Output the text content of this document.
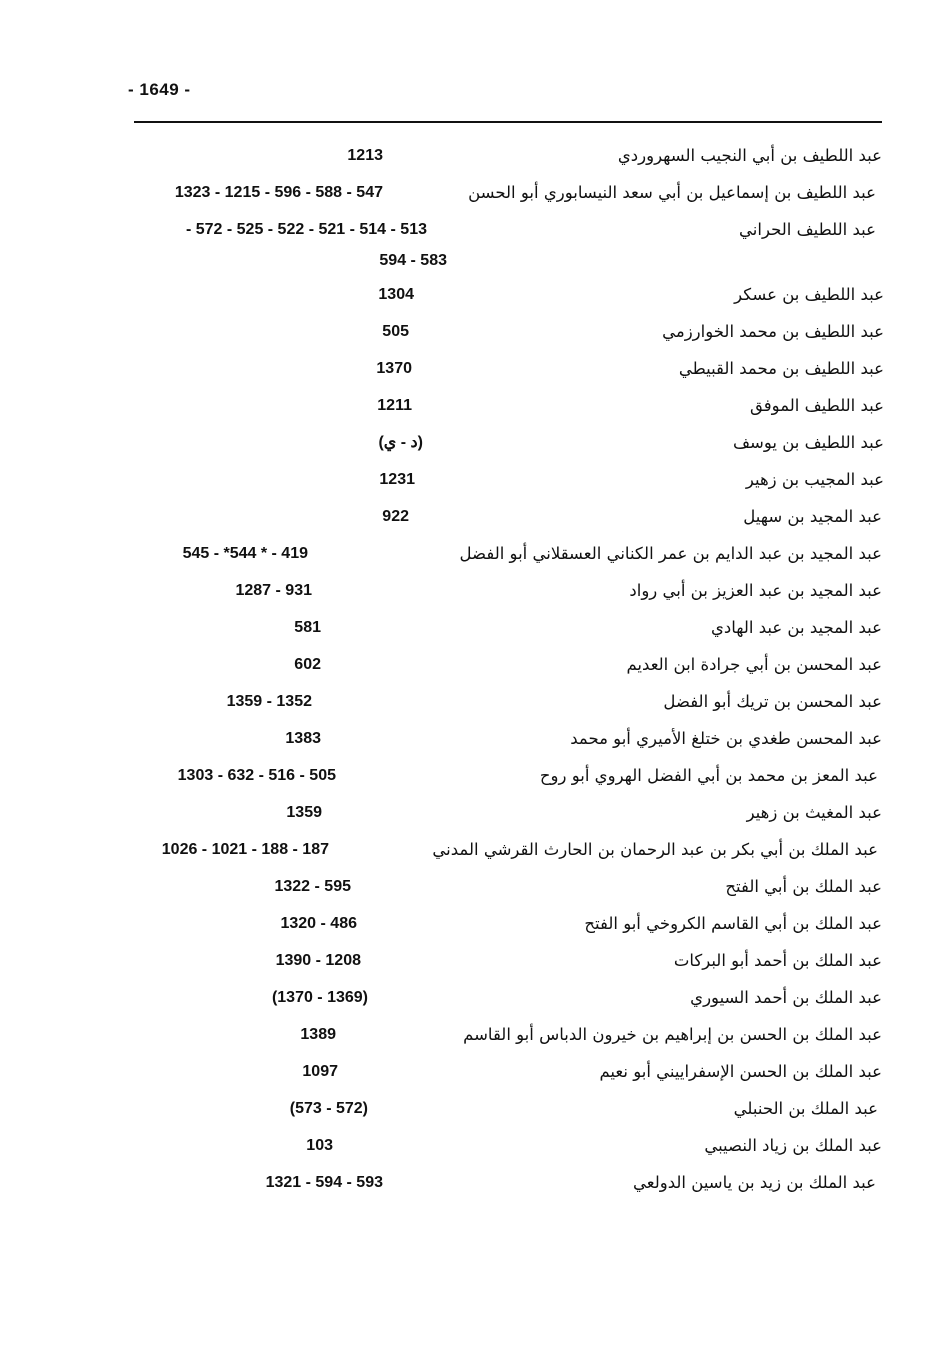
- 1649 -
عبد اللطيف بن أبي النجيب السهروردي
1213
عبد اللطيف بن إسماعيل بن أبي سعد النيسابوري أبو الحسن
1323 - 1215 - 596 - 588 - 547
عبد اللطيف الحراني
- 572 - 525 - 522 - 521 - 514 - 513
594 - 583
عبد اللطيف بن عسكر
1304
عبد اللطيف بن محمد الخوارزمي
505
عبد اللطيف بن محمد القبيطي
1370
عبد اللطيف الموفق
1211
عبد اللطيف بن يوسف
(د - ي)
عبد المجيب بن زهير
1231
عبد المجيد بن سهيل
922
عبد المجيد بن عبد الدايم بن عمر الكناني العسقلاني أبو الفضل
545 - *544 * - 419
عبد المجيد بن عبد العزيز بن أبي رواد
1287 - 931
عبد المجيد بن عبد الهادي
581
عبد المحسن بن أبي جرادة ابن العديم
602
عبد المحسن بن تريك أبو الفضل
1359 - 1352
عبد المحسن طغدي بن ختلغ الأميري أبو محمد
1383
عبد المعز بن محمد بن أبي الفضل الهروي أبو روح
1303 - 632 - 516 - 505
عبد المغيث بن زهير
1359
عبد الملك بن أبي بكر بن عبد الرحمان بن الحارث القرشي المدني
1026 - 1021 - 188 - 187
عبد الملك بن أبي الفتح
1322 - 595
عبد الملك بن أبي القاسم الكروخي أبو الفتح
1320 - 486
عبد الملك بن أحمد أبو البركات
1390 - 1208
عبد الملك بن أحمد السيوري
(1370 - 1369)
عبد الملك بن الحسن بن إبراهيم بن خيرون الدباس أبو القاسم
1389
عبد الملك بن الحسن الإسفراييني أبو نعيم
1097
عبد الملك بن الحنبلي
(573 - 572)
عبد الملك بن زياد النصيبي
103
عبد الملك بن زيد بن ياسين الدولعي
1321 - 594 - 593
